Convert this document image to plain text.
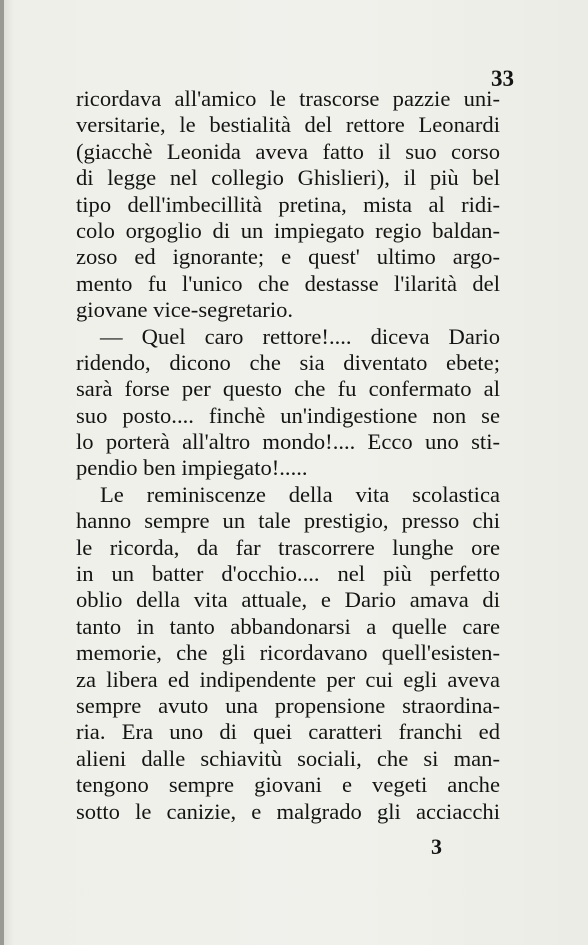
33
ricordava all'amico le trascorse pazzie uni-
versitarie, le bestialità del rettore Leonardi
(giacchè Leonida aveva fatto il suo corso
di legge nel collegio Ghislieri), il più bel
tipo dell'imbecillità pretina, mista al ridi-
colo orgoglio di un impiegato regio baldan-
zoso ed ignorante; e quest' ultimo argo-
mento fu l'unico che destasse l'ilarità del
giovane vice-segretario.
— Quel caro rettore!.... diceva Dario
ridendo, dicono che sia diventato ebete;
sarà forse per questo che fu confermato al
suo posto.... finchè un'indigestione non se
lo porterà all'altro mondo!.... Ecco uno sti-
pendio ben impiegato!.....
Le reminiscenze della vita scolastica
hanno sempre un tale prestigio, presso chi
le ricorda, da far trascorrere lunghe ore
in un batter d'occhio.... nel più perfetto
oblio della vita attuale, e Dario amava di
tanto in tanto abbandonarsi a quelle care
memorie, che gli ricordavano quell'esisten-
za libera ed indipendente per cui egli aveva
sempre avuto una propensione straordina-
ria. Era uno di quei caratteri franchi ed
alieni dalle schiavitù sociali, che si man-
tengono sempre giovani e vegeti anche
sotto le canizie, e malgrado gli acciacchi
3
